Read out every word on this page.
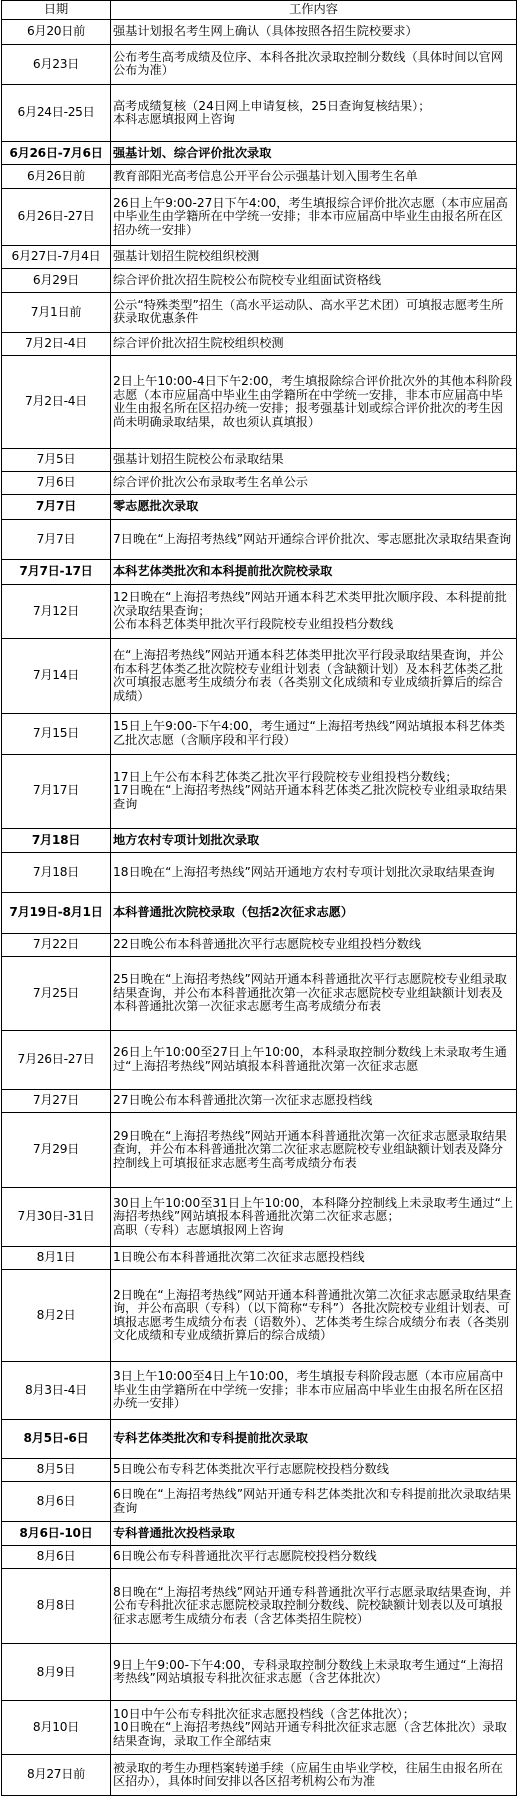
日期	工作内容
6月20日前	强基计划报名考生网上确认（具体按照各招生院校要求）

6月23日	公布考生高考成绩及位序、本科各批次录取控制分数线（具体时间以官网公布为准）

6月24日-25日	高考成绩复核（24日网上申请复核，25日查询复核结果）；
本科志愿填报网上咨询

6月26日-7月6日	强基计划、综合评价批次录取

6月26日前	教育部阳光高考信息公开平台公示强基计划入围考生名单

6月26日-27日	26日上午9:00-27日下午4:00，考生填报综合评价批次志愿（本市应届高中毕业生由学籍所在中学统一安排；非本市应届高中毕业生由报名所在区招办统一安排）

6月27日-7月4日	强基计划招生院校组织校测

6月29日	综合评价批次招生院校公布院校专业组面试资格线

7月1日前	公示“特殊类型”招生（高水平运动队、高水平艺术团）可填报志愿考生所获录取优惠条件

7月2日-4日	综合评价批次招生院校组织校测

7月2日-4日	2日上午10:00-4日下午2:00，考生填报除综合评价批次外的其他本科阶段志愿（本市应届高中毕业生由学籍所在中学统一安排，非本市应届高中毕业生由报名所在区招办统一安排；报考强基计划或综合评价批次的考生因尚未明确录取结果，故也须认真填报）

7月5日	强基计划招生院校公布录取结果

7月6日	综合评价批次公布录取考生名单公示

7月7日	零志愿批次录取

7月7日	7日晚在“上海招考热线”网站开通综合评价批次、零志愿批次录取结果查询

7月7日-17日	本科艺体类批次和本科提前批次院校录取

7月12日	12日晚在“上海招考热线”网站开通本科艺术类甲批次顺序段、本科提前批次录取结果查询；
公布本科艺体类甲批次平行段院校专业组投档分数线

7月14日	在“上海招考热线”网站开通本科艺体类甲批次平行段录取结果查询，并公布本科艺体类乙批次院校专业组计划表（含缺额计划）及本科艺体类乙批次可填报志愿考生成绩分布表（各类别文化成绩和专业成绩折算后的综合成绩）

7月15日	15日上午9:00-下午4:00，考生通过“上海招考热线”网站填报本科艺体类乙批次志愿（含顺序段和平行段）

7月17日	17日上午公布本科艺体类乙批次平行段院校专业组投档分数线；
17日晚在“上海招考热线”网站开通本科艺体类乙批次院校专业组录取结果查询

7月18日	地方农村专项计划批次录取

7月18日	18日晚在“上海招考热线”网站开通地方农村专项计划批次录取结果查询

7月19日-8月1日	本科普通批次院校录取（包括2次征求志愿）

7月22日	22日晚公布本科普通批次平行志愿院校专业组投档分数线

7月25日	25日晚在“上海招考热线”网站开通本科普通批次平行志愿院校专业组录取结果查询，并公布本科普通批次第一次征求志愿院校专业组缺额计划表及本科普通批次第一次征求志愿考生高考成绩分布表

7月26日-27日	26日上午10:00至27日上午10:00，本科录取控制分数线上未录取考生通过“上海招考热线”网站填报本科普通批次第一次征求志愿

7月27日	27日晚公布本科普通批次第一次征求志愿投档线

7月29日	29日晚在“上海招考热线”网站开通本科普通批次第一次征求志愿录取结果查询，并公布本科普通批次第二次征求志愿院校专业组缺额计划表及降分控制线上可填报征求志愿考生高考成绩分布表

7月30日-31日	30日上午10:00至31日上午10:00，本科降分控制线上未录取考生通过“上海招考热线”网站填报本科普通批次第二次征求志愿；
高职（专科）志愿填报网上咨询

8月1日	1日晚公布本科普通批次第二次征求志愿投档线

8月2日	2日晚在“上海招考热线”网站开通本科普通批次第二次征求志愿录取结果查询，并公布高职（专科）（以下简称“专科”）各批次院校专业组计划表、可填报志愿考生成绩分布表（语数外）、艺体类考生综合成绩分布表（各类别文化成绩和专业成绩折算后的综合成绩）

8月3日-4日	3日上午10:00至4日上午10:00，考生填报专科阶段志愿（本市应届高中毕业生由学籍所在中学统一安排；非本市应届高中毕业生由报名所在区招办统一安排）

8月5日-6日	专科艺体类批次和专科提前批次录取

8月5日	5日晚公布专科艺体类批次平行志愿院校投档分数线

8月6日	6日晚在“上海招考热线”网站开通专科艺体类批次和专科提前批次录取结果查询

8月6日-10日	专科普通批次投档录取

8月6日	6日晚公布专科普通批次平行志愿院校投档分数线

8月8日	8日晚在“上海招考热线”网站开通专科普通批次平行志愿录取结果查询，并公布专科批次征求志愿院校录取控制分数线、院校缺额计划表以及可填报征求志愿考生成绩分布表（含艺体类招生院校）

8月9日	9日上午9:00-下午4:00，专科录取控制分数线上未录取考生通过“上海招考热线”网站填报专科批次征求志愿（含艺体批次）

8月10日	10日中午公布专科批次征求志愿投档线（含艺体批次）；
10日晚在“上海招考热线”网站开通专科批次征求志愿（含艺体批次）录取结果查询，录取工作全部结束

8月27日前	被录取的考生办理档案转递手续（应届生由毕业学校，往届生由报名所在区招办），具体时间安排以各区招考机构公布为准
